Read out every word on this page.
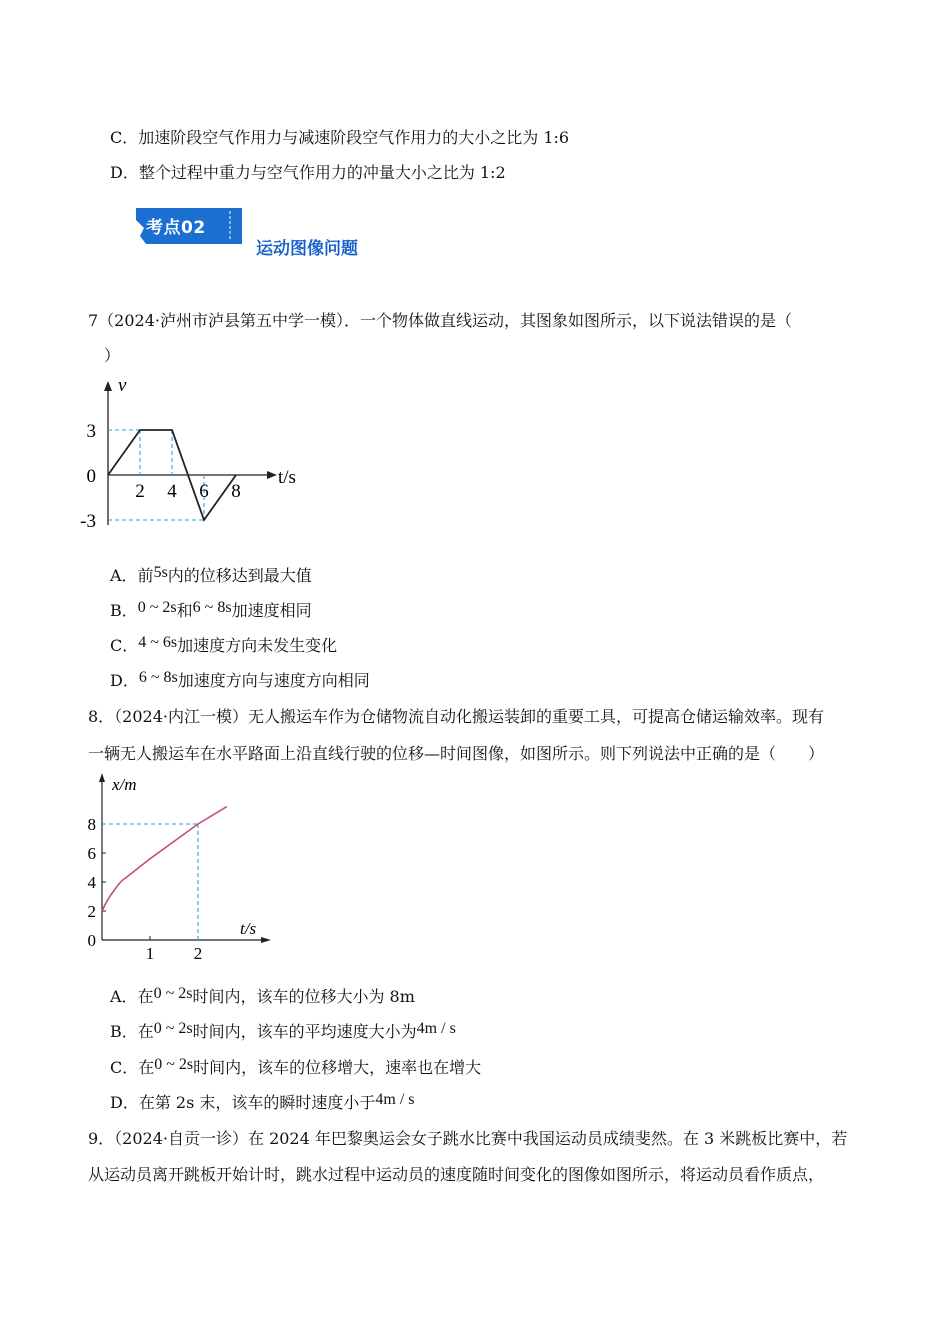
C．加速阶段空气作用力与减速阶段空气作用力的大小之比为 1:6
D．整个过程中重力与空气作用力的冲量大小之比为 1:2
考点02
运动图像问题
7（2024·泸州市泸县第五中学一模）．一个物体做直线运动，其图象如图所示，以下说法错误的是（
）
v
t/s
3
0
-3
2 4 6 8
A．前5s内的位移达到最大值
B．0 ~ 2s和6 ~ 8s加速度相同
C．4 ~ 6s加速度方向未发生变化
D．6 ~ 8s加速度方向与速度方向相同
8．（2024·内江一模）无人搬运车作为仓储物流自动化搬运装卸的重要工具，可提高仓储运输效率。现有
一辆无人搬运车在水平路面上沿直线行驶的位移—时间图像，如图所示。则下列说法中正确的是（　　）
x/m
t/s
8
6
4
2
0
1 2
A．在0 ~ 2s时间内，该车的位移大小为 8m
B．在0 ~ 2s时间内，该车的平均速度大小为4m / s
C．在0 ~ 2s时间内，该车的位移增大，速率也在增大
D．在第 2s 末，该车的瞬时速度小于4m / s
9．（2024·自贡一诊）在 2024 年巴黎奥运会女子跳水比赛中我国运动员成绩斐然。在 3 米跳板比赛中，若
从运动员离开跳板开始计时，跳水过程中运动员的速度随时间变化的图像如图所示，将运动员看作质点，
